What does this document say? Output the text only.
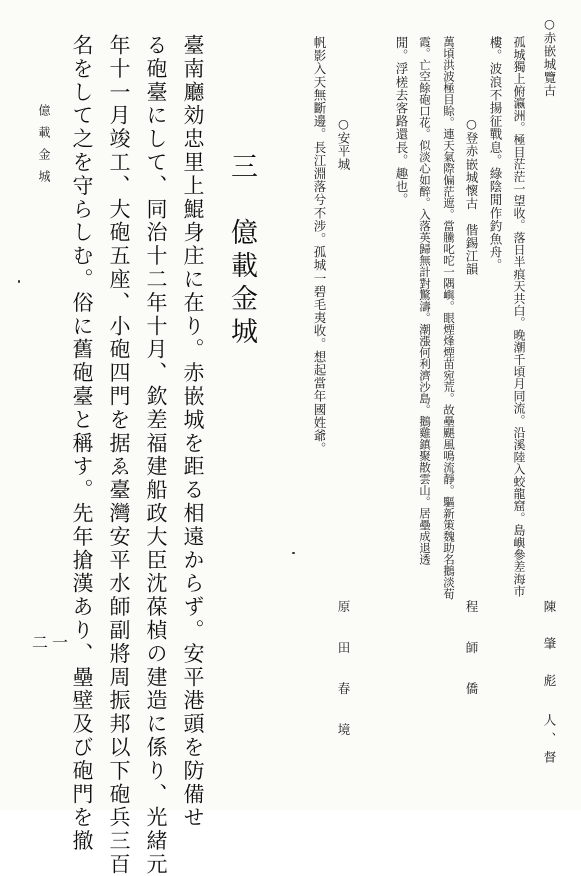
○赤嵌城覽古
孤城獨上俯瀛洲。極目茫茫一望收。落日半痕天共白。晚潮千頃月同流。沿溪陸入蛟龍窟。島嶼參差海市
樓。波浪不揚征戰息。綠陰閒作釣魚舟。
陳　肇　彪 人、督
○登赤嵌城懷古　偕錫江韻
萬頃洪波極目賒。連天氣際偏茫遮。當騰叱咜一隅嶼。眼煙烽煙苗宛荒。故壘颶風鳴流靜。驅新策魏助名鵝淡荀
霞。亡空餘砲口花。似淡心如醉。入落英歸無計對驚濤。潮漲何利濟沙島。鵝雞鎮聚散雲山。居壘成退透
閒。浮槎去客路還長。趣也。
程　師　僑
○安平城
帆影入天無斷邊。長江淵落兮不涉。孤城一碧毛夷收。想起當年國姓爺。
原　田　春　境
三　億載金城
臺南廳効忠里上鯤身庄に在り。赤嵌城を距る相遠からず。安平港頭を防備せ
る砲臺にして、同治十二年十月、欽差福建船政大臣沈葆楨の建造に係り、光緒元
年十一月竣工、大砲五座、小砲四門を据ゑ臺灣安平水師副將周振邦以下砲兵三百
名をして之を守らしむ。俗に舊砲臺と稱す。先年搶漢あり、壘壁及び砲門を撤
億載金城
二一
